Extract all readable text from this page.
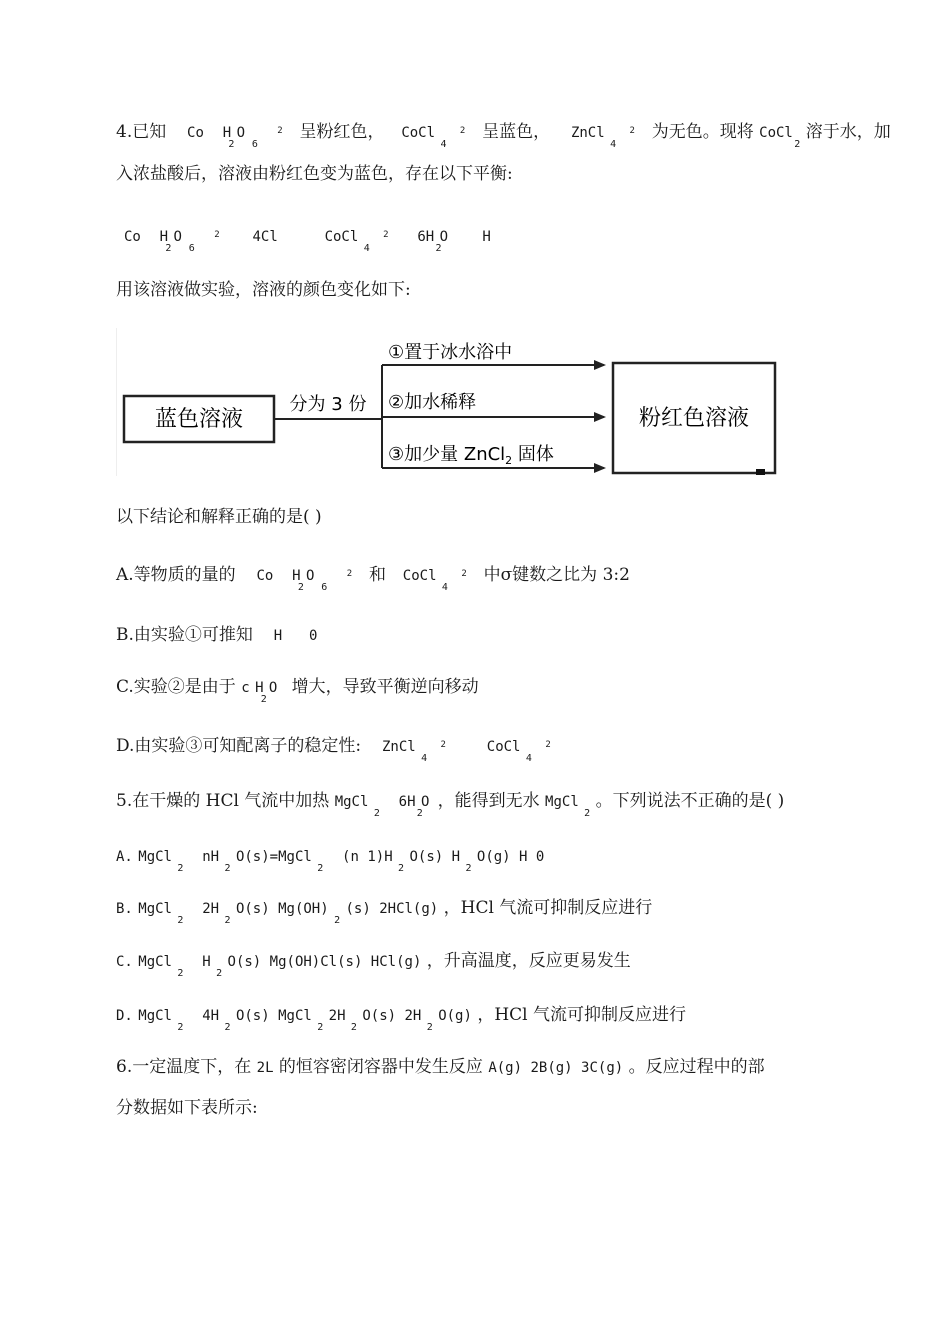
4.已知 Co H O $_2$ $_6$ $^2$ 呈粉红色， CoCl $_4$ $^2$ 呈蓝色， ZnCl $_4$ $^2$ 为无色。现将 CoCl $_2$ 溶于水，加
入浓盐酸后，溶液由粉红色变为蓝色，存在以下平衡:
Co H O $_2$ $_6$ $^2$ 4Cl	CoCl $_4$ $^2$ 6H O $_2$  H
用该溶液做实验，溶液的颜色变化如下:
蓝色溶液
分为 3 份
①置于冰水浴中
②加水稀释
③加少量 ZnCl$_2$ 固体
粉红色溶液
以下结论和解释正确的是( )
A.等物质的量的 Co H O $_2$ $_6$ $^2$ 和 CoCl $_4$ $^2$ 中σ键数之比为 3:2
B.由实验①可推知 H 0
C.实验②是由于 c H O $_2$  增大，导致平衡逆向移动
D.由实验③可知配离子的稳定性: ZnCl $_4$ $^2$	CoCl $_4$ $^2$
5.在干燥的 HCl 气流中加热 MgCl $_2$  6H O $_2$  ，能得到无水 MgCl $_2$ 。下列说法不正确的是( )
A. MgCl $_2$  nH $_2$ O(s)=MgCl $_2$  (n 1)H $_2$ O(s) H $_2$ O(g) H 0
B. MgCl $_2$  2H $_2$ O(s) Mg(OH) $_2$ (s) 2HCl(g) ，HCl 气流可抑制反应进行
C. MgCl $_2$  H $_2$ O(s) Mg(OH)Cl(s) HCl(g) ，升高温度，反应更易发生
D. MgCl $_2$  4H $_2$ O(s) MgCl $_2$ 2H $_2$ O(s) 2H $_2$ O(g) ，HCl 气流可抑制反应进行
6.一定温度下，在 2L 的恒容密闭容器中发生反应 A(g) 2B(g) 3C(g) 。反应过程中的部
分数据如下表所示:
